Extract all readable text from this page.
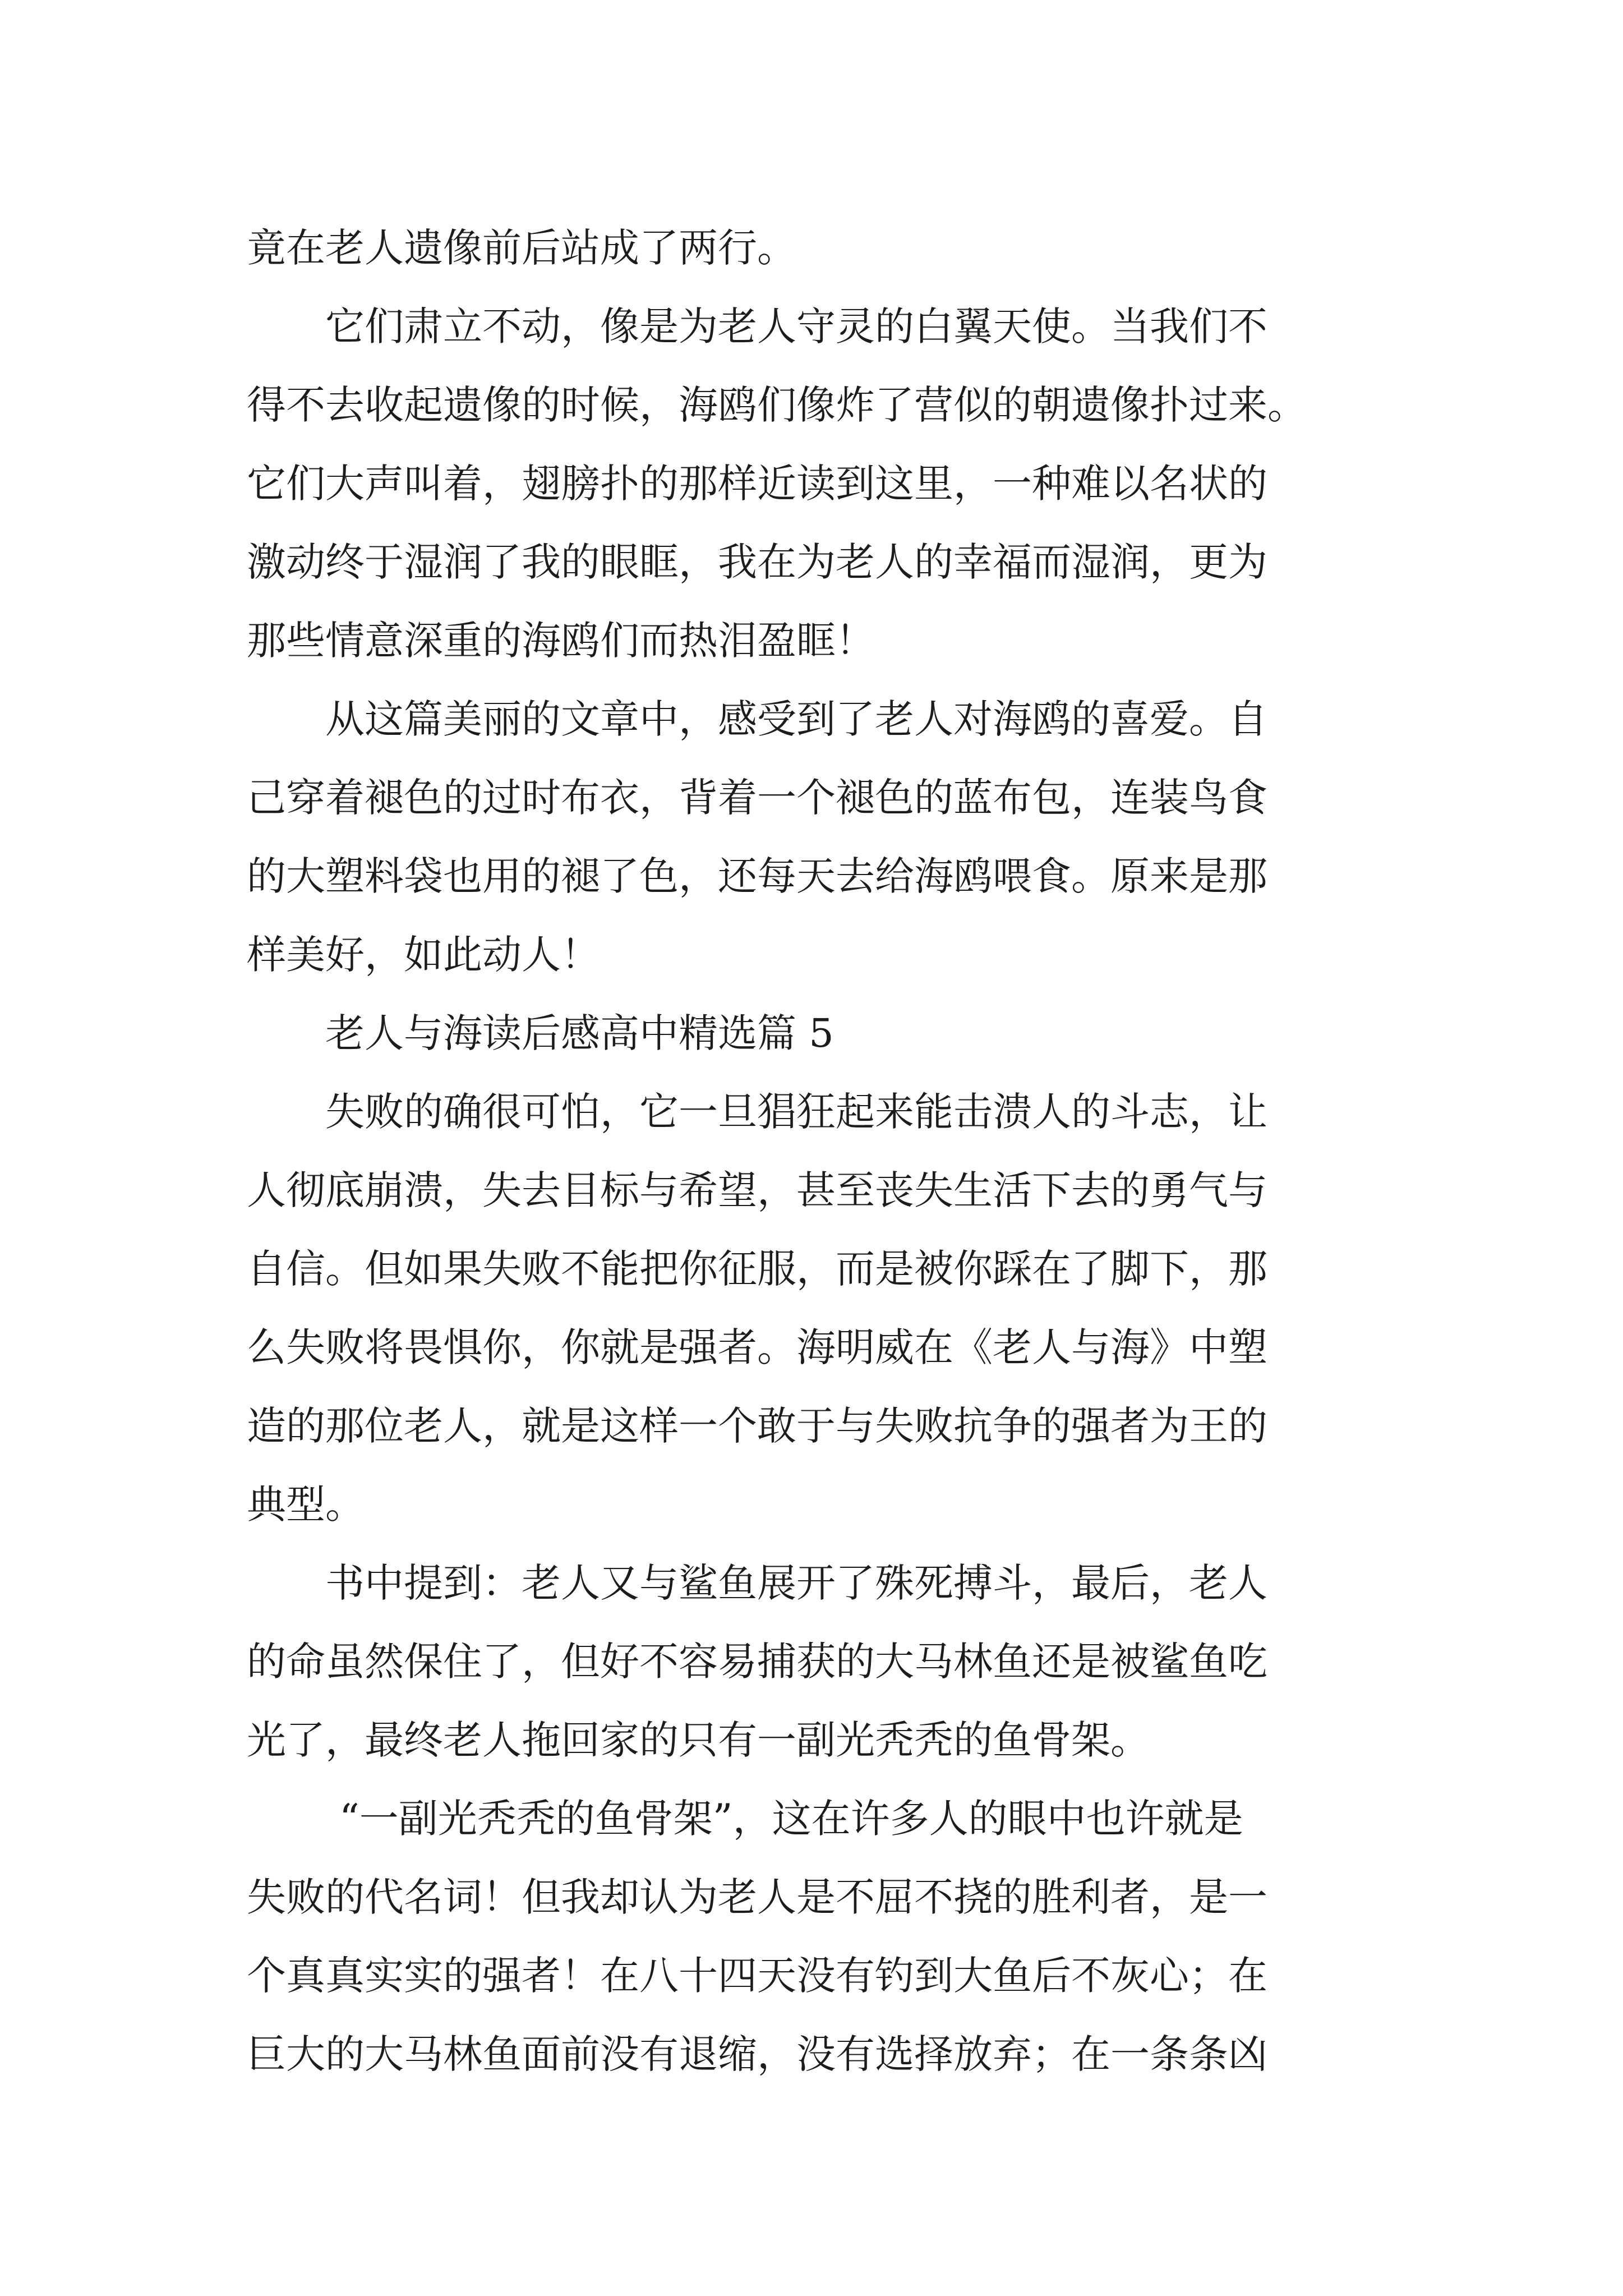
竟在老人遗像前后站成了两行。
它们肃立不动，像是为老人守灵的白翼天使。当我们不
得不去收起遗像的时候，海鸥们像炸了营似的朝遗像扑过来。
它们大声叫着，翅膀扑的那样近读到这里，一种难以名状的
激动终于湿润了我的眼眶，我在为老人的幸福而湿润，更为
那些情意深重的海鸥们而热泪盈眶！
从这篇美丽的文章中，感受到了老人对海鸥的喜爱。自
己穿着褪色的过时布衣，背着一个褪色的蓝布包，连装鸟食
的大塑料袋也用的褪了色，还每天去给海鸥喂食。原来是那
样美好，如此动人！
老人与海读后感高中精选篇 5
失败的确很可怕，它一旦猖狂起来能击溃人的斗志，让
人彻底崩溃，失去目标与希望，甚至丧失生活下去的勇气与
自信。但如果失败不能把你征服，而是被你踩在了脚下，那
么失败将畏惧你，你就是强者。海明威在《老人与海》中塑
造的那位老人，就是这样一个敢于与失败抗争的强者为王的
典型。
书中提到：老人又与鲨鱼展开了殊死搏斗，最后，老人
的命虽然保住了，但好不容易捕获的大马林鱼还是被鲨鱼吃
光了，最终老人拖回家的只有一副光秃秃的鱼骨架。
“一副光秃秃的鱼骨架”，这在许多人的眼中也许就是
失败的代名词！但我却认为老人是不屈不挠的胜利者，是一
个真真实实的强者！在八十四天没有钓到大鱼后不灰心；在
巨大的大马林鱼面前没有退缩，没有选择放弃；在一条条凶
